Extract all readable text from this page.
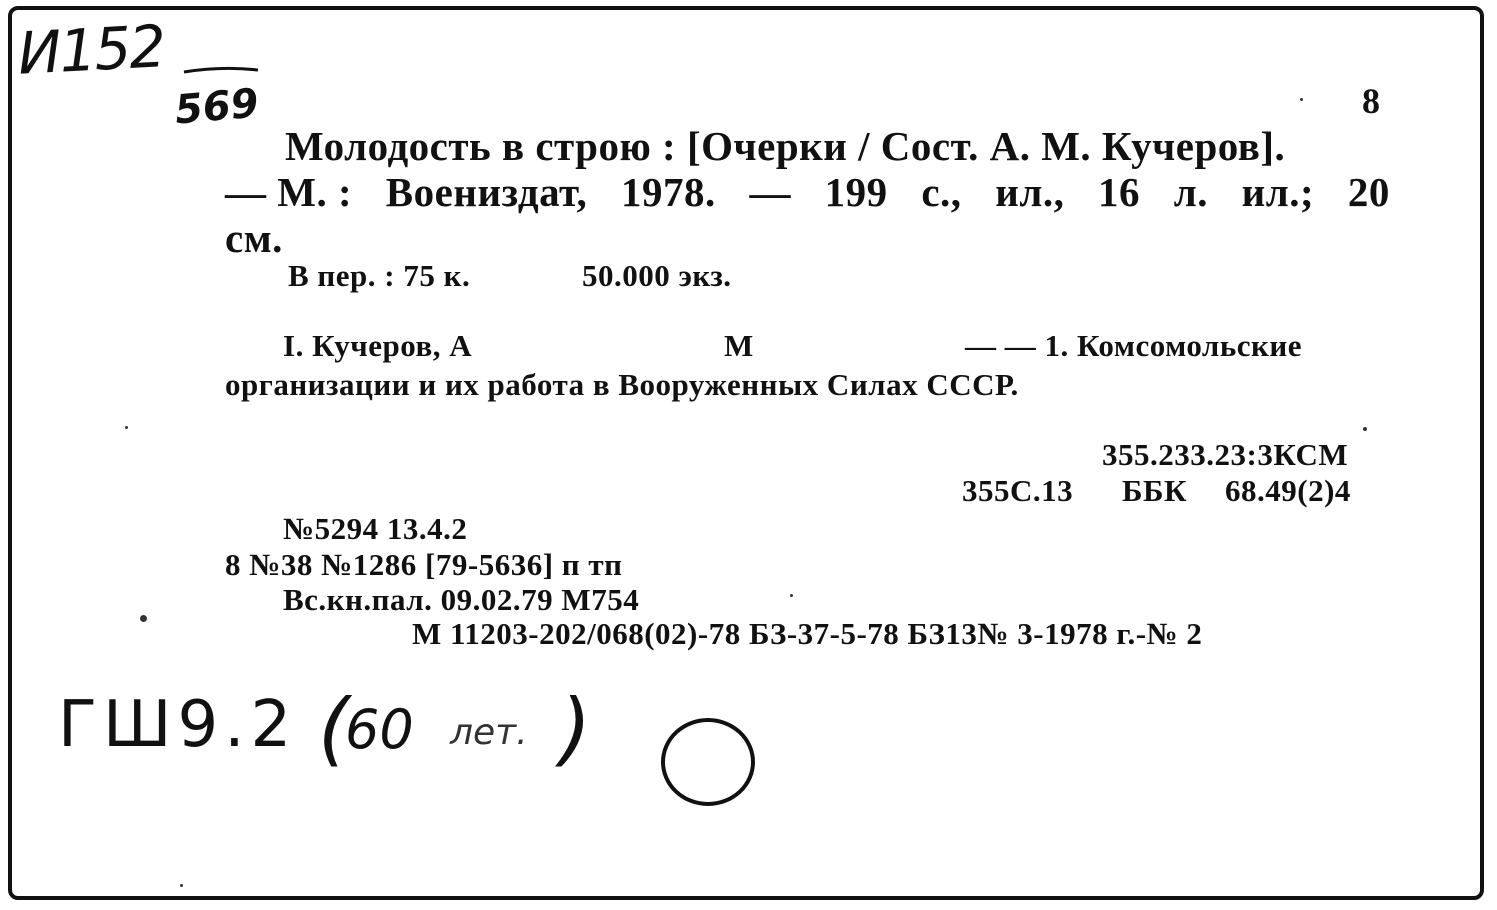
И152
569	8
Молодость в строю : [Очерки / Сост. А. М. Кучеров].
— М. : Воениздат, 1978. — 199 с., ил., 16 л. ил.; 20
см.
В пер. : 75 к.	50.000 экз.
I. Кучеров, А	М	— — 1. Комсомольские
организации и их работа в Вооруженных Силах СССР.
355.233.23:3КСМ
355С.13 ББК 68.49(2)4
№5294 13.4.2
8 №38 №1286 [79-5636] п тп
Вс.кн.пал. 09.02.79 М754
М 11203-202/068(02)-78 БЗ-37-5-78 БЗ13№ 3-1978 г.-№ 2
ГШ9.2 (
60 лет. )
